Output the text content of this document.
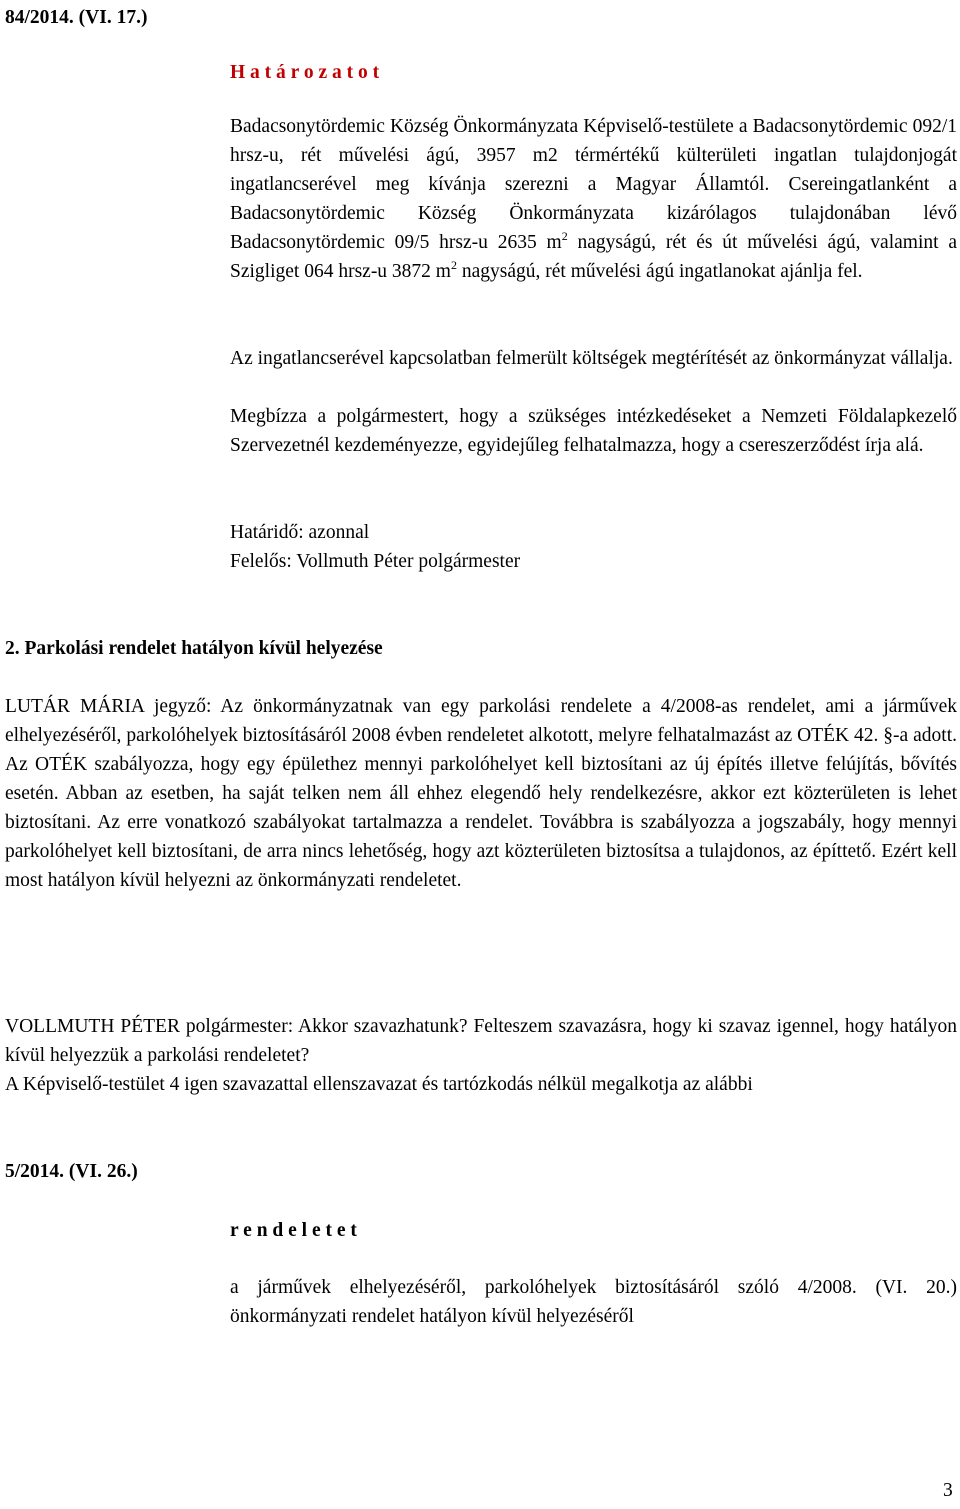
84/2014. (VI. 17.)
H a t á r o z a t o t
Badacsonytördemic Község Önkormányzata Képviselő-testülete a Badacsonytördemic 092/1 hrsz-u, rét művelési ágú, 3957 m2 térmértékű külterületi ingatlan tulajdonjogát ingatlancserével meg kívánja szerezni a Magyar Államtól. Csereingatlanként a Badacsonytördemic Község Önkormányzata kizárólagos tulajdonában lévő Badacsonytördemic 09/5 hrsz-u 2635 $m^2$ nagyságú, rét és út művelési ágú, valamint a Szigliget 064 hrsz-u 3872 $m^2$ nagyságú, rét művelési ágú ingatlanokat ajánlja fel.
Az ingatlancserével kapcsolatban felmerült költségek megtérítését az önkormányzat vállalja.
Megbízza a polgármestert, hogy a szükséges intézkedéseket a Nemzeti Földalapkezelő Szervezetnél kezdeményezze, egyidejűleg felhatalmazza, hogy a csereszerződést írja alá.
Határidő: azonnal
Felelős: Vollmuth Péter polgármester
2. Parkolási rendelet hatályon kívül helyezése
LUTÁR MÁRIA jegyző: Az önkormányzatnak van egy parkolási rendelete a 4/2008-as rendelet, ami a járművek elhelyezéséről, parkolóhelyek biztosításáról 2008 évben rendeletet alkotott, melyre felhatalmazást az OTÉK 42. §-a adott. Az OTÉK szabályozza, hogy egy épülethez mennyi parkolóhelyet kell biztosítani az új építés illetve felújítás, bővítés esetén. Abban az esetben, ha saját telken nem áll ehhez elegendő hely rendelkezésre, akkor ezt közterületen is lehet biztosítani. Az erre vonatkozó szabályokat tartalmazza a rendelet. Továbbra is szabályozza a jogszabály, hogy mennyi parkolóhelyet kell biztosítani, de arra nincs lehetőség, hogy azt közterületen biztosítsa a tulajdonos, az építtető. Ezért kell most hatályon kívül helyezni az önkormányzati rendeletet.
VOLLMUTH PÉTER polgármester: Akkor szavazhatunk? Felteszem szavazásra, hogy ki szavaz igennel, hogy hatályon kívül helyezzük a parkolási rendeletet?
A Képviselő-testület 4 igen szavazattal ellenszavazat és tartózkodás nélkül megalkotja az alábbi
5/2014. (VI. 26.)
r e n d e l e t e t
a járművek elhelyezéséről, parkolóhelyek biztosításáról szóló 4/2008. (VI. 20.) önkormányzati rendelet hatályon kívül helyezéséről
3
